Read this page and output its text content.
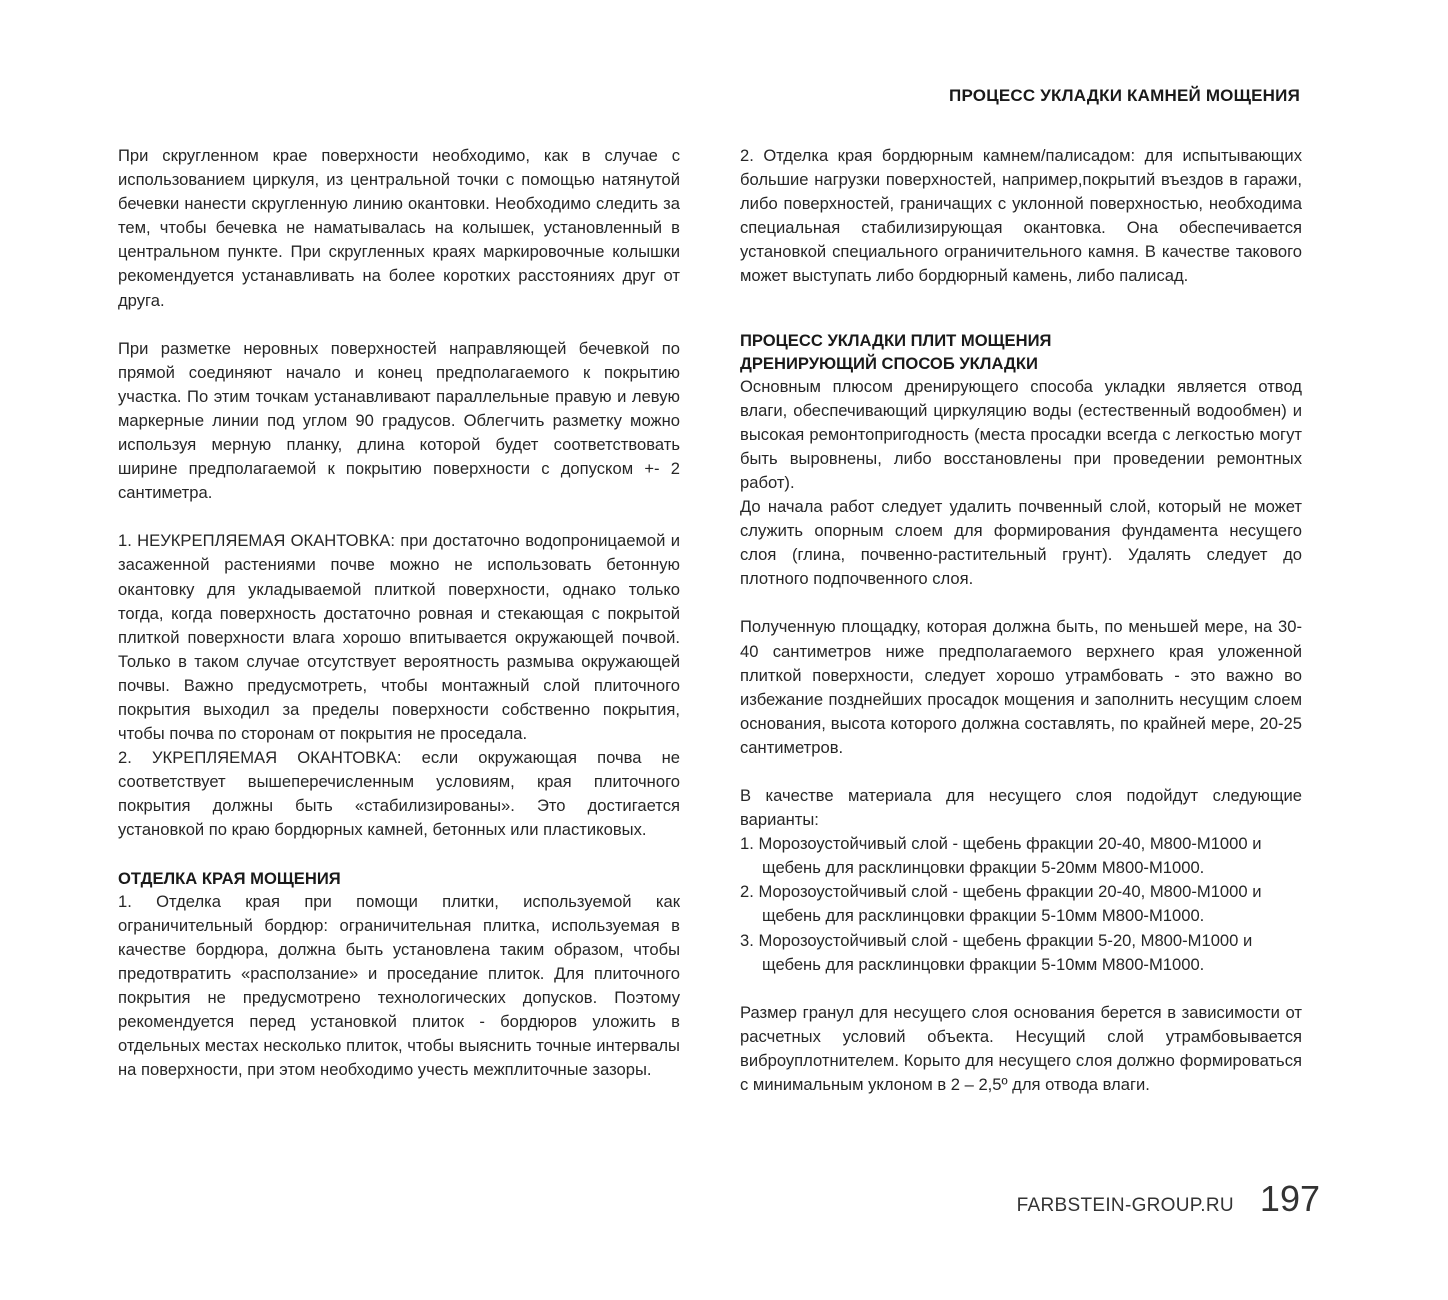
ПРОЦЕСС УКЛАДКИ КАМНЕЙ МОЩЕНИЯ

При скругленном крае поверхности необходимо, как в случае с использованием циркуля, из центральной точки с помощью натянутой бечевки нанести скругленную линию окантовки. Необходимо следить за тем, чтобы бечевка не наматывалась на колышек, установленный в центральном пункте. При скругленных краях маркировочные колышки рекомендуется устанавливать на более коротких расстояниях друг от друга.

При разметке неровных поверхностей направляющей бечевкой по прямой соединяют начало и конец предполагаемого к покрытию участка. По этим точкам устанавливают параллельные правую и левую маркерные линии под углом 90 градусов. Облегчить разметку можно используя мерную планку, длина которой будет соответствовать ширине предполагаемой к покрытию поверхности с допуском +- 2 сантиметра.

1. НЕУКРЕПЛЯЕМАЯ ОКАНТОВКА: при достаточно водопроницаемой и засаженной растениями почве можно не использовать бетонную окантовку для укладываемой плиткой поверхности, однако только тогда, когда поверхность достаточно ровная и стекающая с покрытой плиткой поверхности влага хорошо впитывается окружающей почвой. Только в таком случае отсутствует вероятность размыва окружающей почвы. Важно предусмотреть, чтобы монтажный слой плиточного покрытия выходил за пределы поверхности собственно покрытия, чтобы почва по сторонам от покрытия не проседала.

2. УКРЕПЛЯЕМАЯ ОКАНТОВКА: если окружающая почва не соответствует вышеперечисленным условиям, края плиточного покрытия должны быть «стабилизированы». Это достигается установкой по краю бордюрных камней, бетонных или пластиковых.

ОТДЕЛКА КРАЯ МОЩЕНИЯ

1. Отделка края при помощи плитки, используемой как ограничительный бордюр: ограничительная плитка, используемая в качестве бордюра, должна быть установлена таким образом, чтобы предотвратить «расползание» и проседание плиток. Для плиточного покрытия не предусмотрено технологических допусков. Поэтому рекомендуется перед установкой плиток - бордюров уложить в отдельных местах несколько плиток, чтобы выяснить точные интервалы на поверхности, при этом необходимо учесть межплиточные зазоры.

2. Отделка края бордюрным камнем/палисадом: для испытывающих большие нагрузки поверхностей, например,покрытий въездов в гаражи, либо поверхностей, граничащих с уклонной поверхностью, необходима специальная стабилизирующая окантовка. Она обеспечивается установкой специального ограничительного камня. В качестве такового может выступать либо бордюрный камень, либо палисад.

ПРОЦЕСС УКЛАДКИ ПЛИТ МОЩЕНИЯ

ДРЕНИРУЮЩИЙ СПОСОБ УКЛАДКИ

Основным плюсом дренирующего способа укладки является отвод влаги, обеспечивающий циркуляцию воды (естественный водообмен) и высокая ремонтопригодность (места просадки всегда с легкостью могут быть выровнены, либо восстановлены при проведении ремонтных работ).

До начала работ следует удалить почвенный слой, который не может служить опорным слоем для формирования фундамента несущего слоя (глина, почвенно-растительный грунт). Удалять следует до плотного подпочвенного слоя.

Полученную площадку, которая должна быть, по меньшей мере, на 30-40 сантиметров ниже предполагаемого верхнего края уложенной плиткой поверхности, следует хорошо утрамбовать - это важно во избежание позднейших просадок мощения и заполнить несущим слоем основания, высота которого должна составлять, по крайней мере, 20-25 сантиметров.

В качестве материала для несущего слоя подойдут следующие варианты:

1. Морозоустойчивый слой - щебень фракции 20-40, М800-М1000 и щебень для расклинцовки фракции 5-20мм М800-М1000.

2. Морозоустойчивый слой - щебень фракции 20-40, М800-М1000 и щебень для расклинцовки фракции 5-10мм М800-М1000.

3. Морозоустойчивый слой - щебень фракции 5-20, М800-М1000 и щебень для расклинцовки фракции 5-10мм М800-М1000.

Размер гранул для несущего слоя основания берется в зависимости от расчетных условий объекта. Несущий слой утрамбовывается виброуплотнителем. Корыто для несущего слоя должно формироваться с минимальным уклоном в 2 – 2,5º для отвода влаги.

FARBSTEIN-GROUP.RU 197
